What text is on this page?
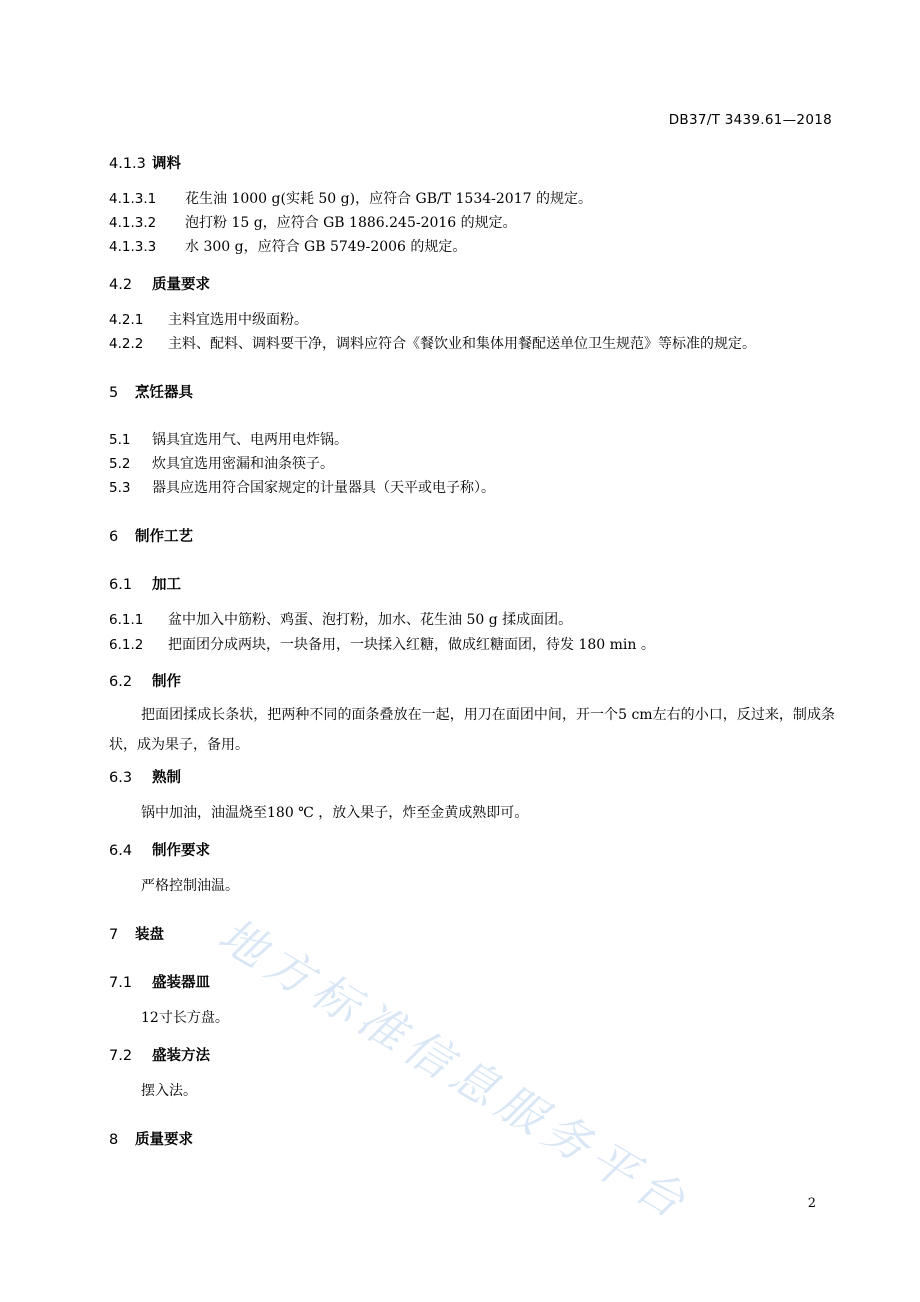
DB37/T 3439.61—2018
4.1.3 调料
4.1.3.1 花生油 1000 g(实耗 50 g)，应符合 GB/T 1534-2017 的规定。
4.1.3.2 泡打粉 15 g，应符合 GB 1886.245-2016 的规定。
4.1.3.3 水 300 g，应符合 GB 5749-2006 的规定。
4.2 质量要求
4.2.1 主料宜选用中级面粉。
4.2.2 主料、配料、调料要干净，调料应符合《餐饮业和集体用餐配送单位卫生规范》等标准的规定。
5 烹饪器具
5.1 锅具宜选用气、电两用电炸锅。
5.2 炊具宜选用密漏和油条筷子。
5.3 器具应选用符合国家规定的计量器具（天平或电子称）。
6 制作工艺
6.1 加工
6.1.1 盆中加入中筋粉、鸡蛋、泡打粉，加水、花生油 50 g 揉成面团。
6.1.2 把面团分成两块，一块备用，一块揉入红糖，做成红糖面团，待发 180 min 。
6.2 制作
把面团揉成长条状，把两种不同的面条叠放在一起，用刀在面团中间，开一个5 cm左右的小口，反过来，制成条状，成为果子，备用。
6.3 熟制
锅中加油，油温烧至180 ℃ ，放入果子，炸至金黄成熟即可。
6.4 制作要求
严格控制油温。
7 装盘
7.1 盛装器皿
12寸长方盘。
7.2 盛装方法
摆入法。
8 质量要求 地方标准信息服务平台	2
